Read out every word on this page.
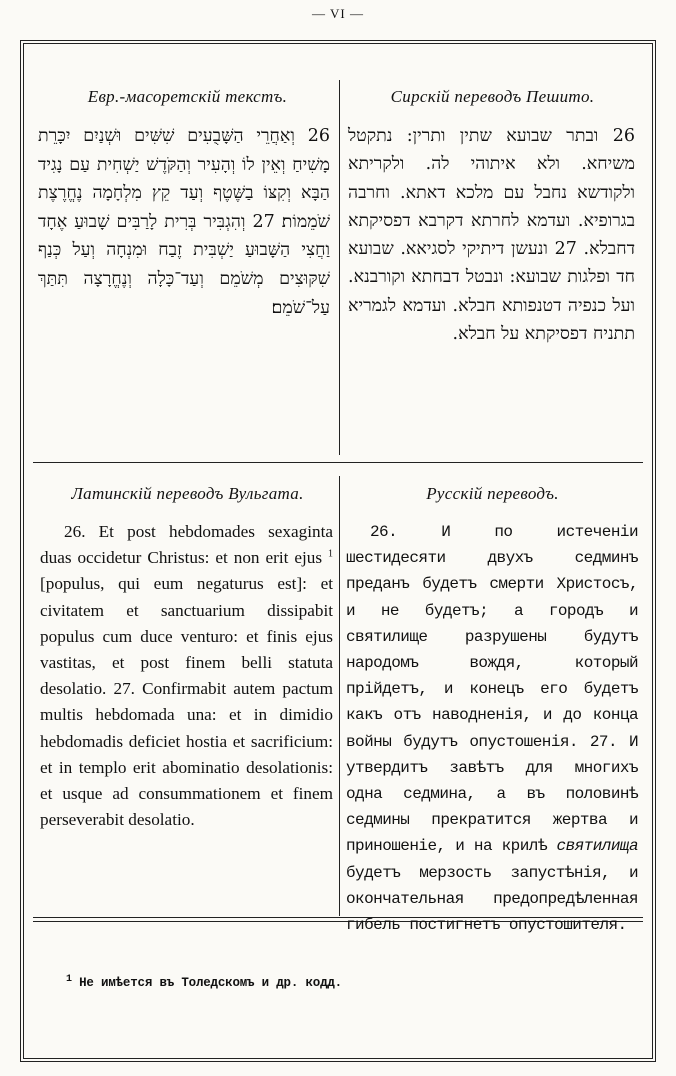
— VI —
Евр.-масоретскій текстъ.
26 וְאַחֲרֵי הַשָּׁבֻעִים שִׁשִּׁים וּשְׁנַיִם יִכָּרֵת מָשִׁיחַ וְאֵין לוֹ וְהָעִיר וְהַקֹּדֶשׁ יַשְׁחִית עַם נָגִיד הַבָּא וְקִצּוֹ בַשֶּׁטֶף וְעַד קֵץ מִלְחָמָה נֶחֱרֶצֶת שֹׁמֵמוֹת׃ 27 וְהִגְבִּיר בְּרִית לָרַבִּים שָׁבוּעַ אֶחָד וַחֲצִי הַשָּׁבוּעַ יַשְׁבִּית זֶבַח וּמִנְחָה וְעַל כְּנַף שִׁקּוּצִים מְשֹׁמֵם וְעַד־כָּלָה וְנֶחֱרָצָה תִּתַּךְ עַל־שֹׁמֵם׃
Сирскій переводъ Пешито.
26 ובתר שבועא שתין ותרין: נתקטל משיחא. ולא איתוהי לה. ולקריתא ולקודשא נחבל עם מלכא דאתא. וחרבה בגרופיא. ועדמא לחרתא דקרבא דפסיקתא דחבלא. 27 ונעשן דיתיקי לסגיאא. שבועא חד ופלגות שבועא: ונבטל דבחתא וקורבנא. ועל כנפיה דטנפותא חבלא. ועדמא לגמריא תתניח דפסיקתא על חבלא.
Латинскій переводъ Вульгата.
26. Et post hebdomades sexaginta duas occidetur Christus: et non erit ejus $^1$ [populus, qui eum negaturus est]: et civitatem et sanctuarium dissipabit populus cum duce venturo: et finis ejus vastitas, et post finem belli statuta desolatio. 27. Confirmabit autem pactum multis hebdomada una: et in dimidio hebdomadis deficiet hostia et sacrificium: et in templo erit abominatio desolationis: et usque ad consummationem et finem perseverabit desolatio.
Русскій переводъ.
26. И по истеченіи шестидесяти двухъ седминъ преданъ будетъ смерти Христосъ, и не будетъ; а городъ и святилище разрушены будутъ народомъ вождя, который прійдетъ, и конецъ его будетъ какъ отъ наводненія, и до конца войны будутъ опустошенія. 27. И утвердитъ завѣтъ для многихъ одна седмина, а въ половинѣ седмины прекратится жертва и приношеніе, и на крилѣ святилища будетъ мерзость запустѣнія, и окончательная предопредѣленная гибель постигнетъ опустошителя.
$^1$ Не имѣется въ Толедскомъ и др. кодд.
